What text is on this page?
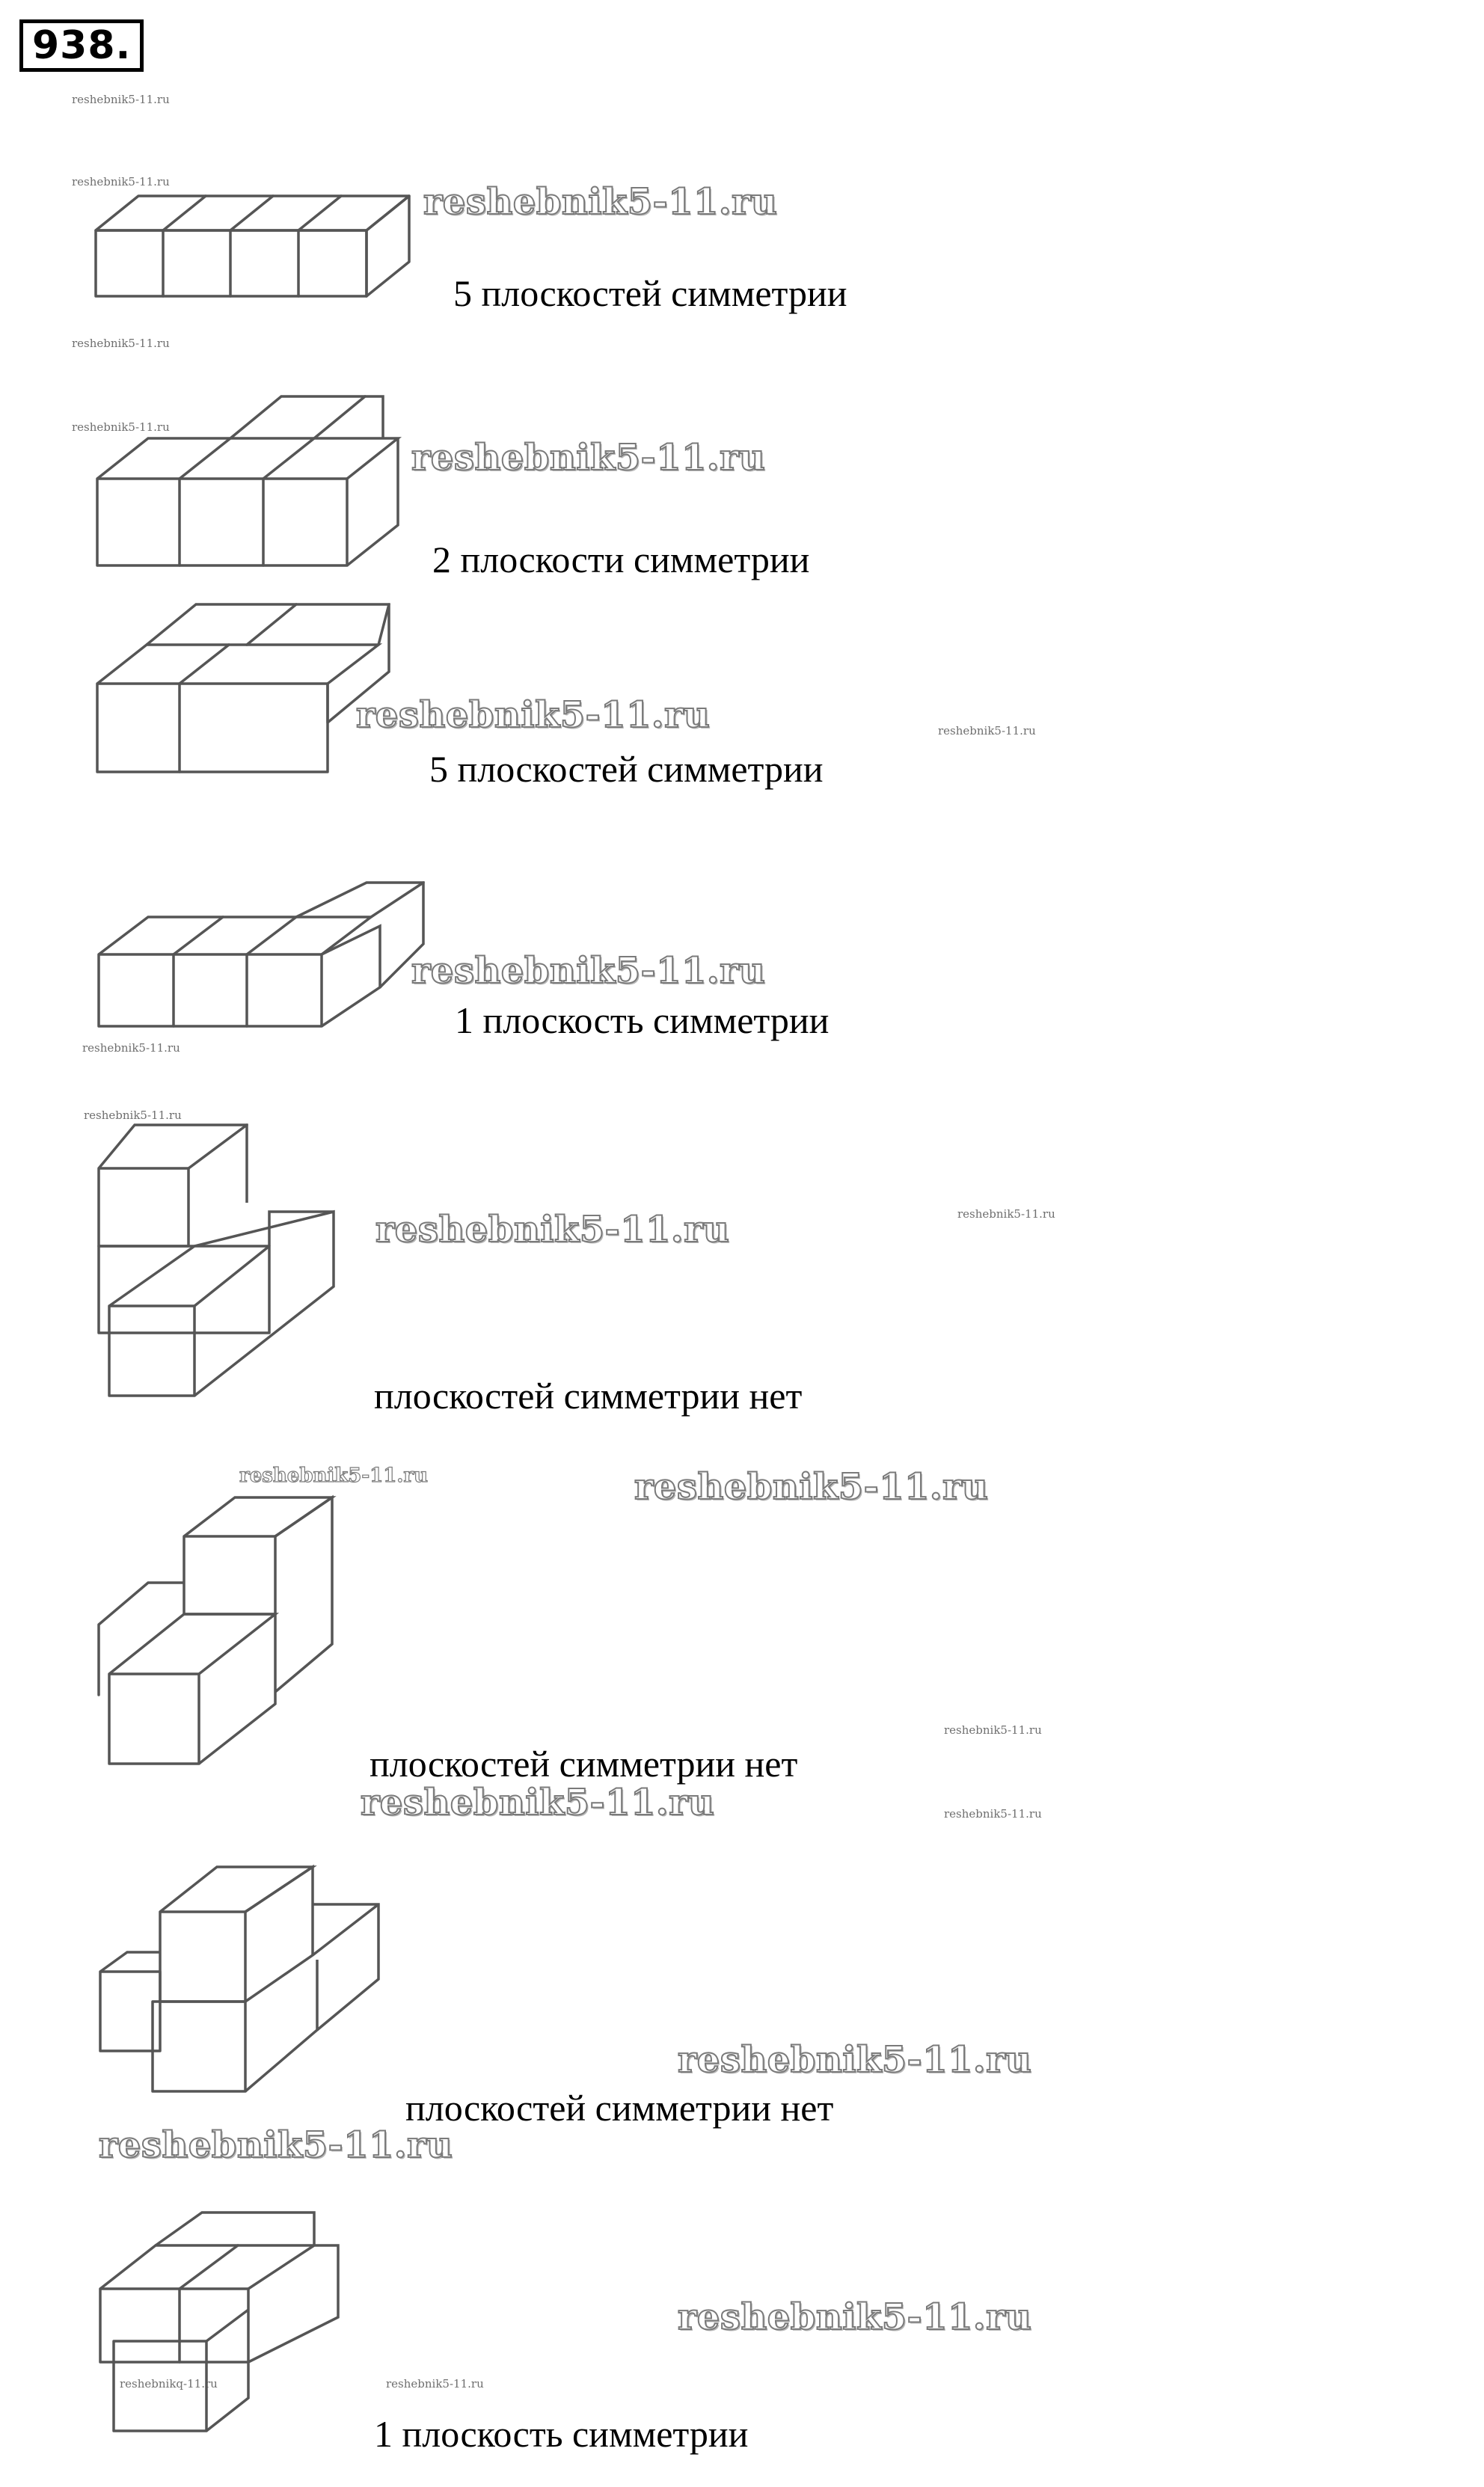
938.
reshebnik5-11.ru
reshebnik5-11.ru
reshebnik5-11.ru
reshebnik5-11.ru
reshebnik5-11.ru
reshebnik5-11.ru
reshebnik5-11.ru
reshebnik5-11.ru
reshebnik5-11.ru
reshebnik5-11.ru
reshebnikq-11.ru	reshebnik5-11.ru
reshebnik5-11.ru
reshebnik5-11.ru
reshebnik5-11.ru
reshebnik5-11.ru
reshebnik5-11.ru
reshebnik5-11.ru
reshebnik5-11.ru
reshebnik5-11.ru
reshebnik5-11.ru
reshebnik5-11.ru
reshebnik5-11.ru
5 плоскостей симметрии
2 плоскости симметрии
5 плоскостей симметрии
1 плоскость симметрии
плоскостей симметрии нет
плоскостей симметрии нет
плоскостей симметрии нет
1 плоскость симметрии
